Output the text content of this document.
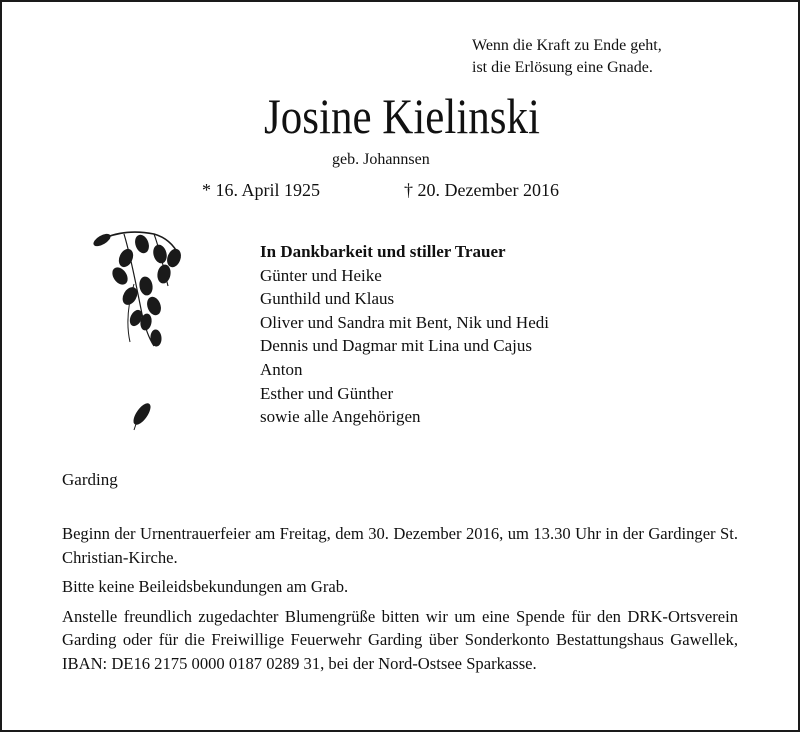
Wenn die Kraft zu Ende geht,
ist die Erlösung eine Gnade.
Josine Kielinski
geb. Johannsen
* 16. April 1925	† 20. Dezember 2016
In Dankbarkeit und stiller Trauer
Günter und Heike
Gunthild und Klaus
Oliver und Sandra mit Bent, Nik und Hedi
Dennis und Dagmar mit Lina und Cajus
Anton
Esther und Günther
sowie alle Angehörigen
Garding

Beginn der Urnentrauerfeier am Freitag, dem 30. Dezember 2016, um 13.30 Uhr in der Gardinger St. Christian-Kirche.

Bitte keine Beileidsbekundungen am Grab.

Anstelle freundlich zugedachter Blumengrüße bitten wir um eine Spende für den DRK-Ortsverein Garding oder für die Freiwillige Feuerwehr Garding über Sonderkonto Bestattungshaus Gawellek, IBAN: DE16 2175 0000 0187 0289 31, bei der Nord-Ostsee Sparkasse.
